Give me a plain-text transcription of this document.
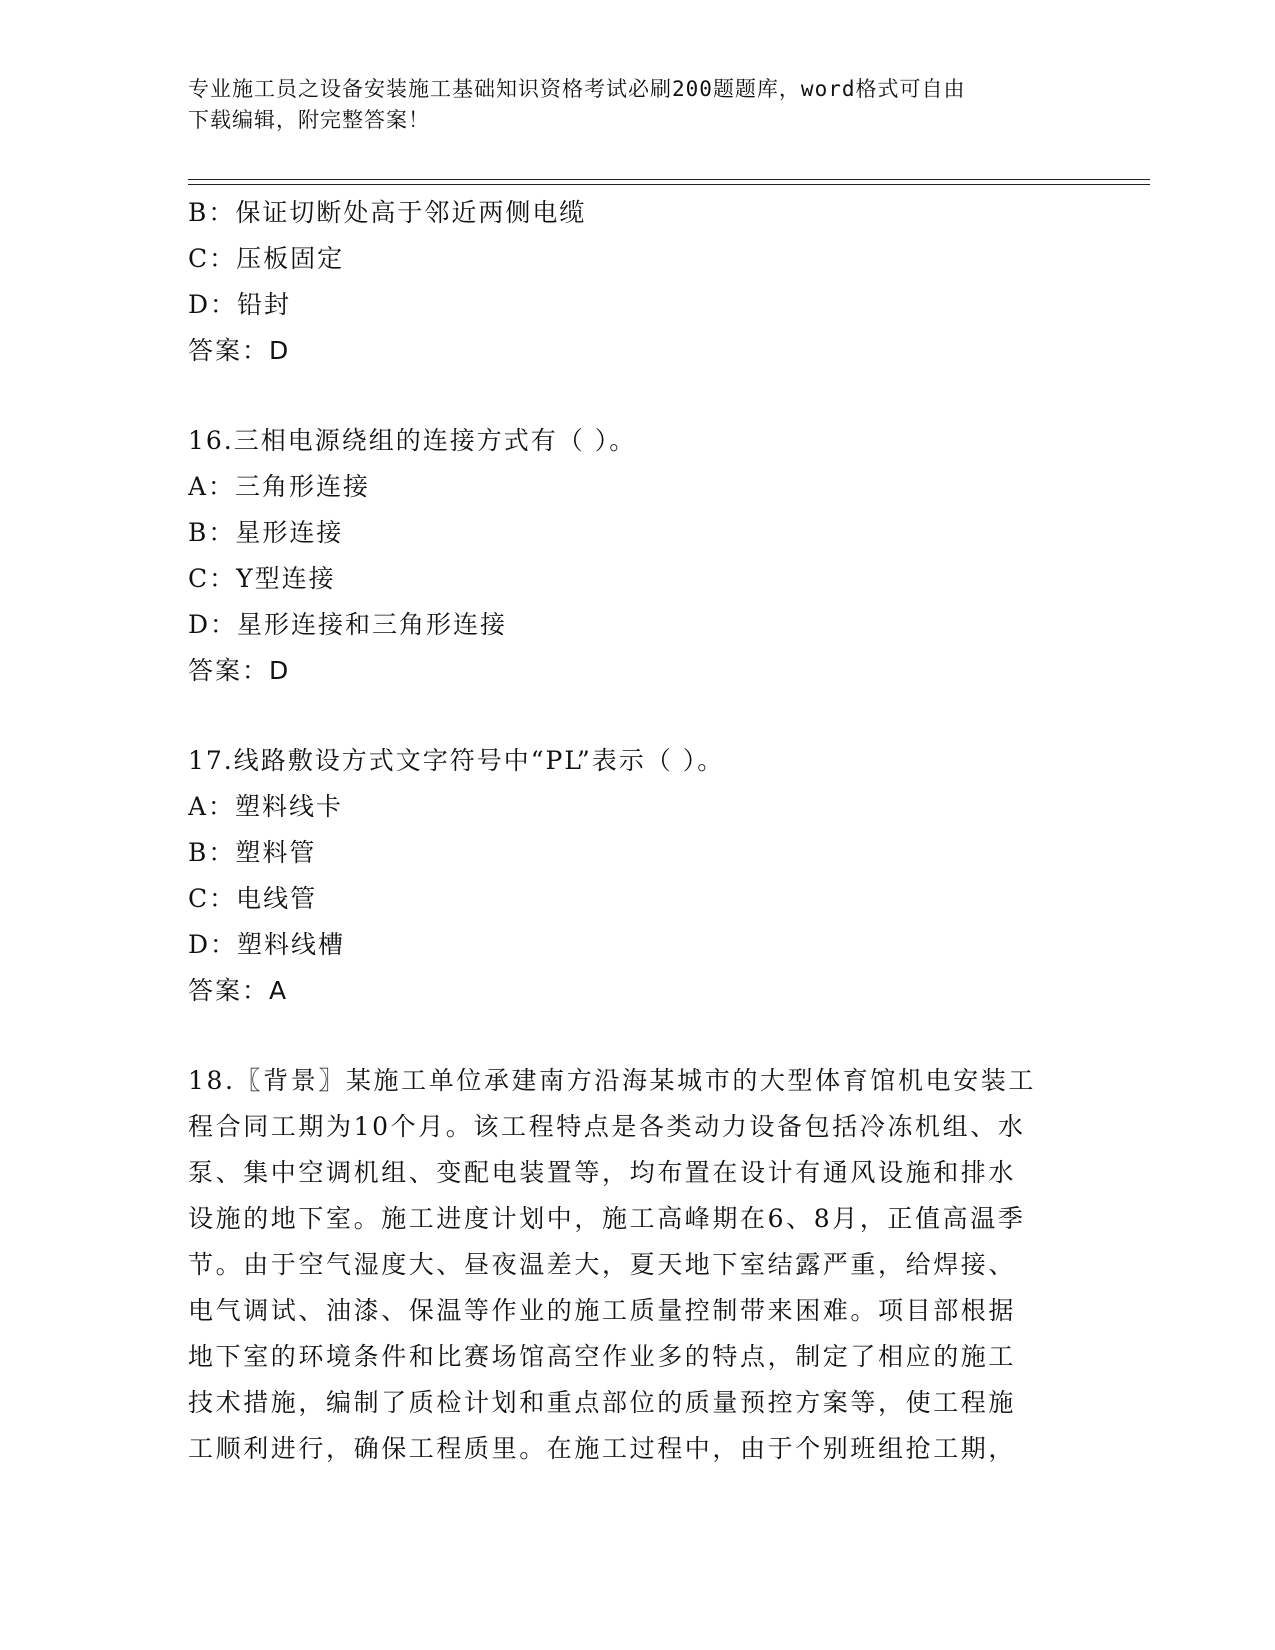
专业施工员之设备安装施工基础知识资格考试必刷200题题库，word格式可自由
下载编辑，附完整答案！
B：保证切断处高于邻近两侧电缆
C：压板固定
D：铅封
答案：D
16.三相电源绕组的连接方式有（ ）。
A：三角形连接
B：星形连接
C：Y型连接
D：星形连接和三角形连接
答案：D
17.线路敷设方式文字符号中“PL”表示（ ）。
A：塑料线卡
B：塑料管
C：电线管
D：塑料线槽
答案：A
18.〖背景〗某施工单位承建南方沿海某城市的大型体育馆机电安装工
程合同工期为10个月。该工程特点是各类动力设备包括冷冻机组、水
泵、集中空调机组、变配电装置等，均布置在设计有通风设施和排水
设施的地下室。施工进度计划中，施工高峰期在6、8月，正值高温季
节。由于空气湿度大、昼夜温差大，夏天地下室结露严重，给焊接、
电气调试、油漆、保温等作业的施工质量控制带来困难。项目部根据
地下室的环境条件和比赛场馆高空作业多的特点，制定了相应的施工
技术措施，编制了质检计划和重点部位的质量预控方案等，使工程施
工顺利进行，确保工程质里。在施工过程中，由于个别班组抢工期，
